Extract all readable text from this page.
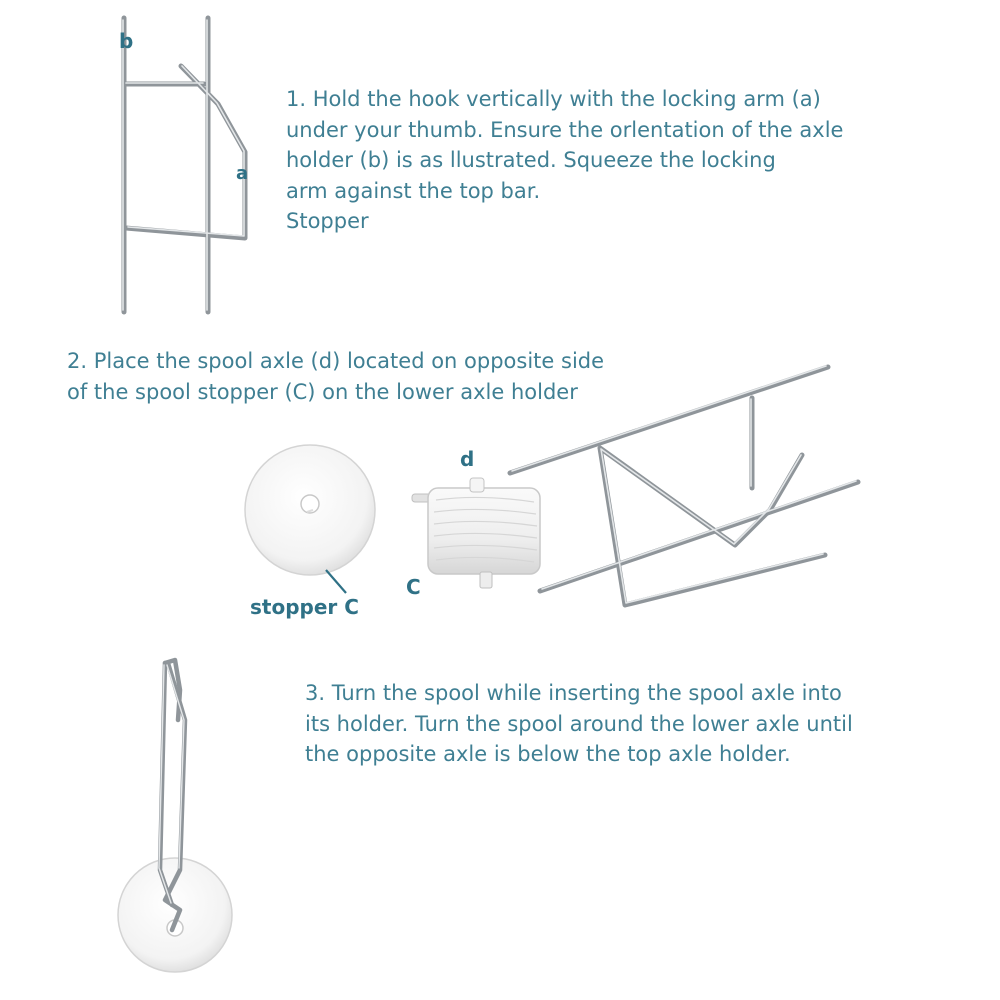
1. Hold the hook vertically with the locking arm (a)
under your thumb. Ensure the orlentation of the axle
holder (b) is as llustrated. Squeeze the locking
arm against the top bar.
Stopper
2. Place the spool axle (d) located on opposite side
of the spool stopper (C) on the lower axle holder
3. Turn the spool while inserting the spool axle into
its holder. Turn the spool around the lower axle until
the opposite axle is below the top axle holder.
b
a
d
C
stopper C
